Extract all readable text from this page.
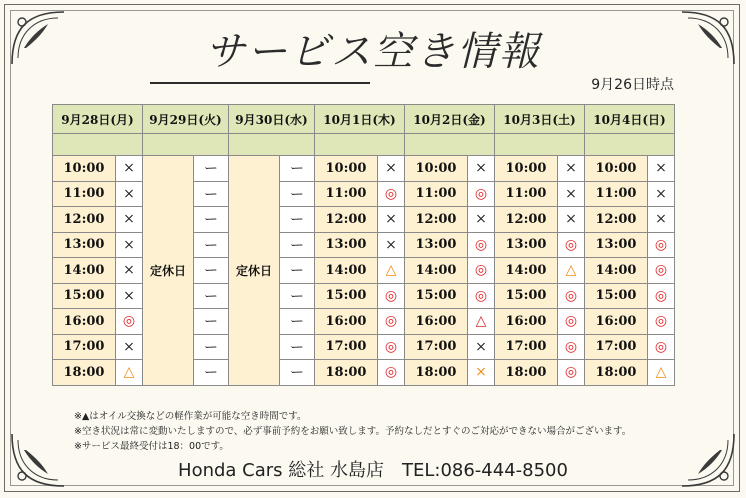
サービス空き情報
9月26日時点
9月28日(月)		9月29日(火)		9月30日(水)		10月1日(木)		10月2日(金)		10月3日(土)		10月4日(日)	

10:00	×	定休日	ー	定休日	ー	10:00	×	10:00	×	10:00	×	10:00	×
11:00	×		ー		ー	11:00	◎	11:00	◎	11:00	×	11:00	×
12:00	×		ー		ー	12:00	×	12:00	×	12:00	×	12:00	×
13:00	×		ー		ー	13:00	×	13:00	◎	13:00	◎	13:00	◎
14:00	×		ー		ー	14:00	△	14:00	◎	14:00	△	14:00	◎
15:00	×		ー		ー	15:00	◎	15:00	◎	15:00	◎	15:00	◎
16:00	◎		ー		ー	16:00	◎	16:00	△	16:00	◎	16:00	◎
17:00	×		ー		ー	17:00	◎	17:00	×	17:00	◎	17:00	◎
18:00	△		ー		ー	18:00	◎	18:00	×	18:00	◎	18:00	△
※▲はオイル交換などの軽作業が可能な空き時間です。
※空き状況は常に変動いたしますので、必ず事前予約をお願い致します。予約なしだとすぐのご対応ができない場合がございます。
※サービス最終受付は18：00です。
Honda Cars 総社 水島店　TEL:086-444-8500
